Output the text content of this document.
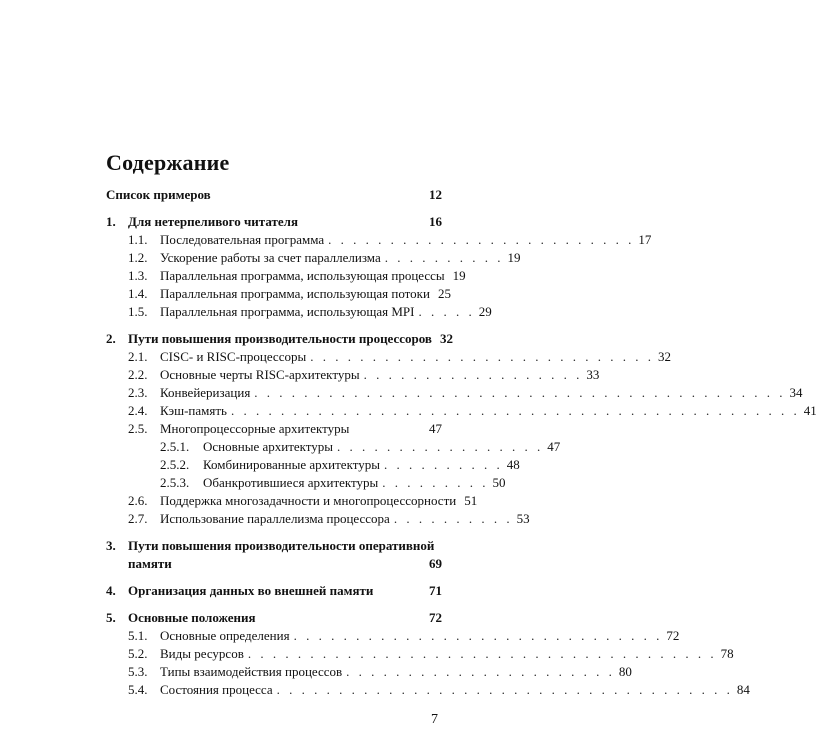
Содержание
Список примеров	12
1. Для нетерпеливого читателя	16
1.1. Последовательная программа . . . . . . . . . . . . . . . . . . . . . . . . . 17
1.2. Ускорение работы за счет параллелизма . . . . . . . . . . 19
1.3. Параллельная программа, использующая процессы 19
1.4. Параллельная программа, использующая потоки 25
1.5. Параллельная программа, использующая MPI . . . . . 29
2. Пути повышения производительности процессоров 32
2.1. CISC- и RISC-процессоры . . . . . . . . . . . . . . . . . . . . . . . . . . . . 32
2.2. Основные черты RISC-архитектуры . . . . . . . . . . . . . . . . . . 33
2.3. Конвейеризация . . . . . . . . . . . . . . . . . . . . . . . . . . . . . . . . . . . . . . . . . . . 34
2.4. Кэш-память . . . . . . . . . . . . . . . . . . . . . . . . . . . . . . . . . . . . . . . . . . . . . . 41
2.5. Многопроцессорные архитектуры	47
2.5.1.	Основные архитектуры . . . . . . . . . . . . . . . . . 47
2.5.2.	Комбинированные архитектуры . . . . . . . . . . 48
2.5.3.	Обанкротившиеся архитектуры . . . . . . . . . 50
2.6. Поддержка многозадачности и многопроцессорности 51
2.7. Использование параллелизма процессора . . . . . . . . . . 53
3. Пути повышения производительности оперативной
памяти	69
4. Организация данных во внешней памяти	71
5. Основные положения	72
5.1. Основные определения . . . . . . . . . . . . . . . . . . . . . . . . . . . . . . 72
5.2. Виды ресурсов . . . . . . . . . . . . . . . . . . . . . . . . . . . . . . . . . . . . . . 78
5.3. Типы взаимодействия процессов . . . . . . . . . . . . . . . . . . . . . . 80
5.4. Состояния процесса . . . . . . . . . . . . . . . . . . . . . . . . . . . . . . . . . . . . . 84
7
